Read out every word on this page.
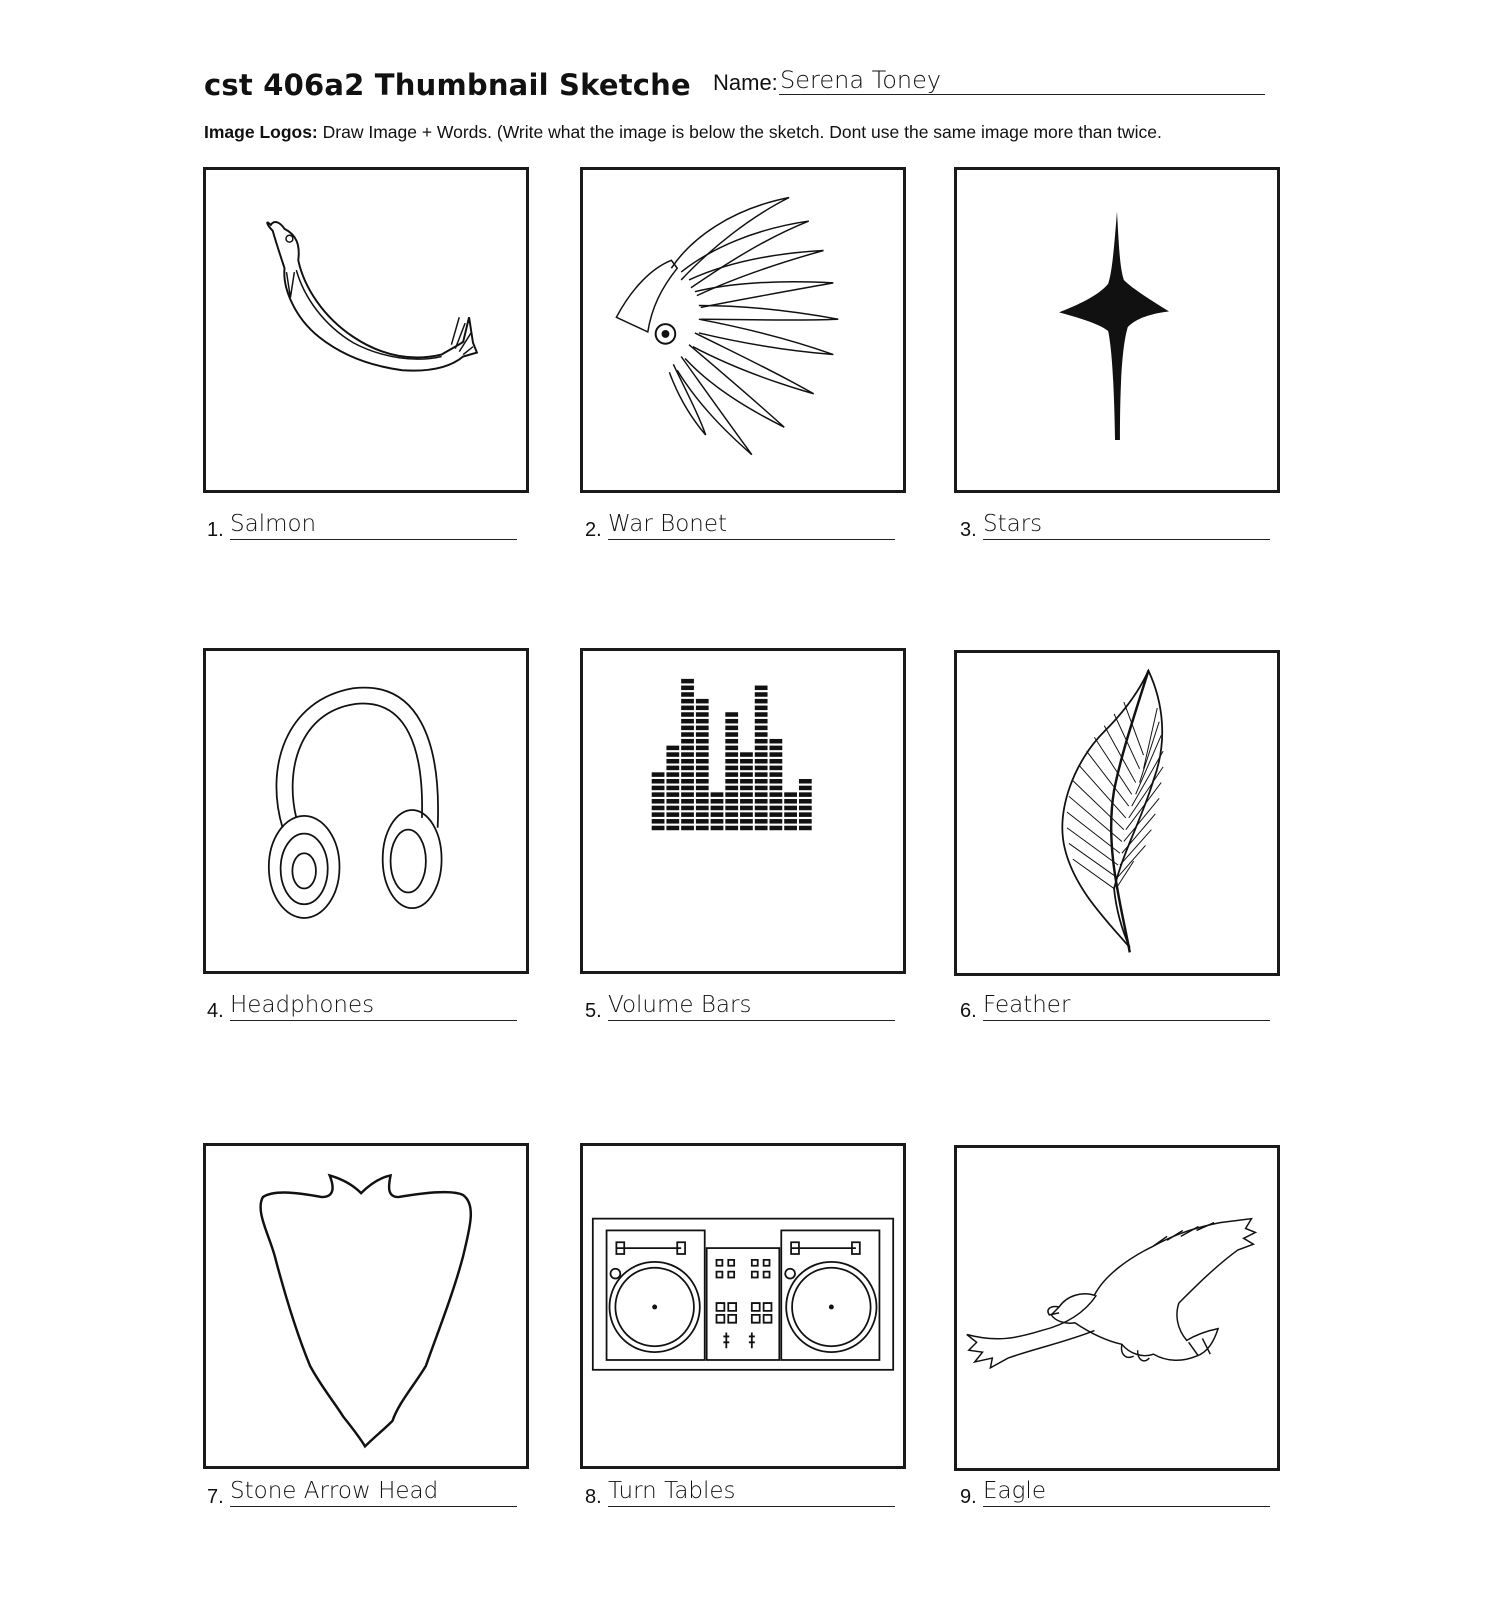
cst 406a2 Thumbnail Sketche Name: Serena Toney
Image Logos: Draw Image + Words. (Write what the image is below the sketch. Dont use the same image more than twice.
1. Salmon	2. War Bonet	3. Stars
4. Headphones	5. Volume Bars	6. Feather
7. Stone Arrow Head	8. Turn Tables	9. Eagle
